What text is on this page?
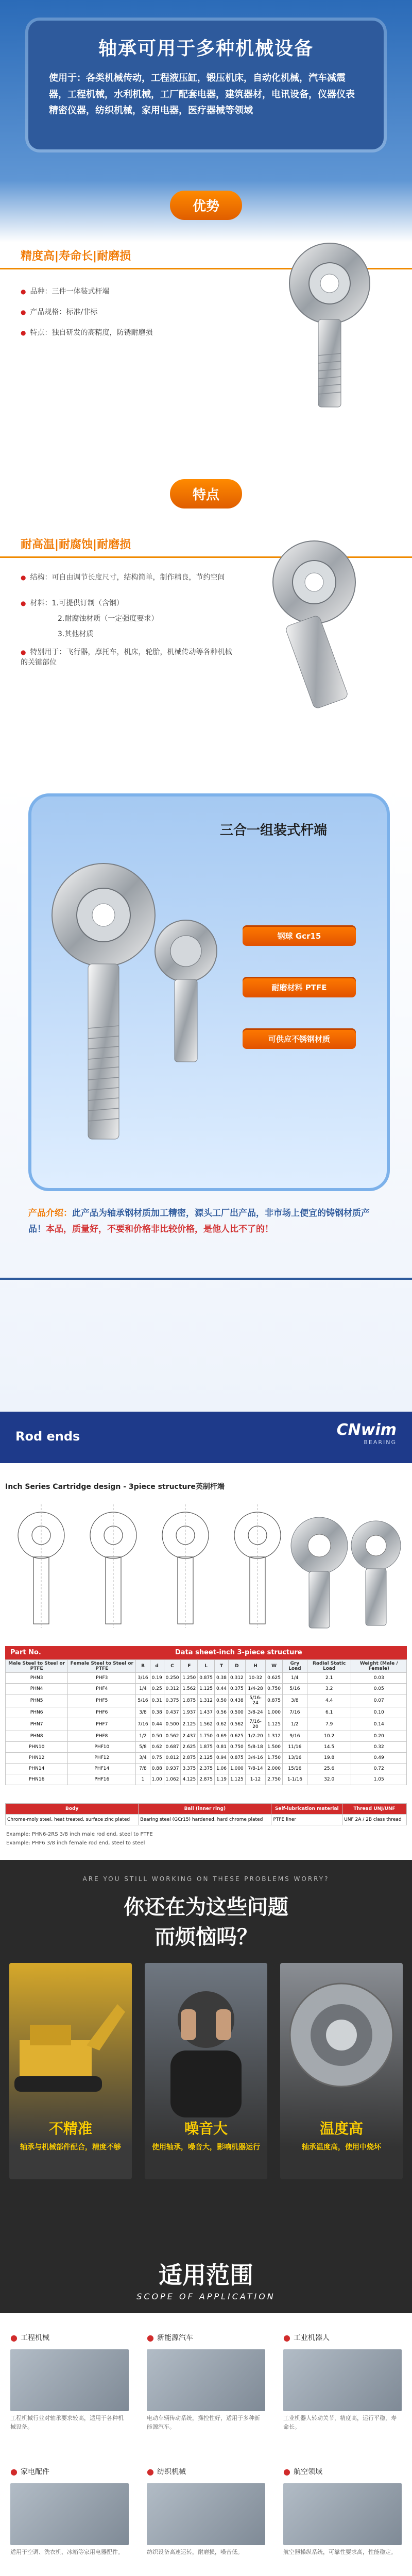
轴承可用于多种机械设备
使用于：各类机械传动，工程液压缸，锻压机床，自动化机械，汽车减震器，工程机械，水利机械，工厂配套电器，建筑器材，电讯设备，仪器仪表精密仪器，纺织机械，家用电器，医疗器械等领域
优势
精度高|寿命长|耐磨损
● 品种：三件一体装式杆端
● 产品规格：标准/非标
● 特点：独自研发的高精度，防锈耐磨损
特点
耐高温|耐腐蚀|耐磨损
● 结构：可自由调节长度尺寸，结构简单，制作精良，节约空间
● 材料：1.可提供订制（含钢）
2.耐腐蚀材质（一定强度要求）
3.其他材质
● 特别用于：飞行器，摩托车，机床，轮胎，机械传动等各种机械的关键部位
三合一组装式杆端
钢球 Gcr15
耐磨材料 PTFE
可供应不锈钢材质
产品介绍：此产品为轴承钢材质加工精密，源头工厂出产品，非市场上便宜的铸钢材质产品！本品，质量好，不要和价格非比较价格，是他人比不了的！
Rod ends	CNwim
BEARING
Inch Series Cartridge design - 3piece structure英制杆端
Part No.	Data sheet-inch 3-piece structure
Male Steel to Steel or PTFE	Female Steel to Steel or PTFE	B	d	C	F	L	T	D	H	W	Gry Load	Radial Static Load	Weight (Male / Female)
PHN3	PHF3	3/16	0.19	0.250	1.250	0.875	0.38	0.312	10-32	0.625	1/4	2.1	0.03
PHN4	PHF4	1/4	0.25	0.312	1.562	1.125	0.44	0.375	1/4-28	0.750	5/16	3.2	0.05
PHN5	PHF5	5/16	0.31	0.375	1.875	1.312	0.50	0.438	5/16-24	0.875	3/8	4.4	0.07
PHN6	PHF6	3/8	0.38	0.437	1.937	1.437	0.56	0.500	3/8-24	1.000	7/16	6.1	0.10
PHN7	PHF7	7/16	0.44	0.500	2.125	1.562	0.62	0.562	7/16-20	1.125	1/2	7.9	0.14
PHN8	PHF8	1/2	0.50	0.562	2.437	1.750	0.69	0.625	1/2-20	1.312	9/16	10.2	0.20
PHN10	PHF10	5/8	0.62	0.687	2.625	1.875	0.81	0.750	5/8-18	1.500	11/16	14.5	0.32
PHN12	PHF12	3/4	0.75	0.812	2.875	2.125	0.94	0.875	3/4-16	1.750	13/16	19.8	0.49
PHN14	PHF14	7/8	0.88	0.937	3.375	2.375	1.06	1.000	7/8-14	2.000	15/16	25.6	0.72
PHN16	PHF16	1	1.00	1.062	4.125	2.875	1.19	1.125	1-12	2.750	1-1/16	32.0	1.05
Body	Ball (inner ring)	Self-lubrication material	Thread UNJ/UNF
Chrome-moly steel, heat treated, surface zinc plated	Bearing steel (GCr15) hardened, hard chrome plated	PTFE liner	UNF 2A / 2B class thread
Example: PHN6-2RS 3/8 inch male rod end, steel to PTFE
Example: PHF6 3/8 inch female rod end, steel to steel
ARE YOU STILL WORKING ON THESE PROBLEMS WORRY?
你还在为这些问题
而烦恼吗？
不精准	噪音大	温度高
轴承与机械部件配合，精度不够	使用轴承，噪音大，影响机器运行	轴承温度高，使用中烧坏
适用范围
SCOPE OF APPLICATION
● 工程机械
工程机械行业对轴承要求较高，适用于各种机械设备。
● 新能源汽车
电动车辆传动系统，操控性好，适用于多种新能源汽车。
● 工业机器人
工业机器人转动关节，精度高，运行平稳，寿命长。
● 家电配件
适用于空调、洗衣机、冰箱等家用电器配件。
● 纺织机械
纺织设备高速运转，耐磨损，噪音低。
● 航空领域
航空器操纵系统，可靠性要求高，性能稳定。
